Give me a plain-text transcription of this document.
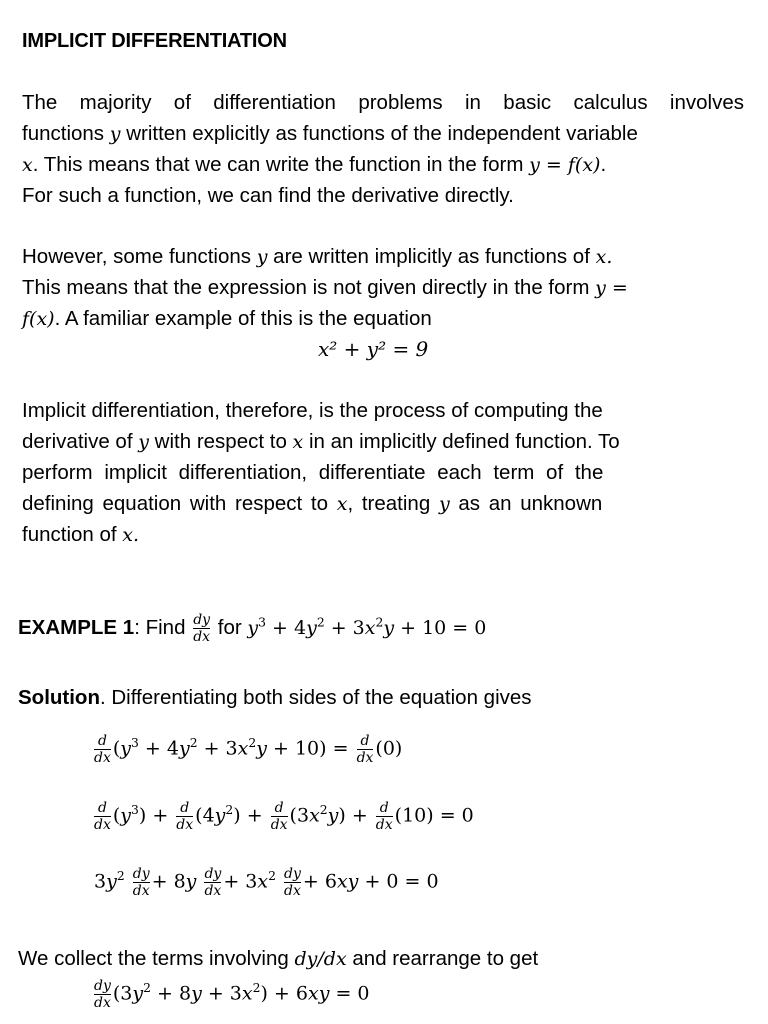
IMPLICIT DIFFERENTIATION
The majority of differentiation problems in basic calculus involves
functions y written explicitly as functions of the independent variable
x. This means that we can write the function in the form y = f(x).
For such a function, we can find the derivative directly.
However, some functions y are written implicitly as functions of x.
This means that the expression is not given directly in the form y =
f(x). A familiar example of this is the equation
x² + y² = 9
Implicit differentiation, therefore, is the process of computing the
derivative of y with respect to x in an implicitly defined function. To
perform implicit differentiation, differentiate each term of the
defining equation with respect to x, treating y as an unknown
function of x.
EXAMPLE 1: Find $\frac{dy}{dx}$ for $y^3 + 4y^2 + 3x^2y + 10 = 0$
Solution. Differentiating both sides of the equation gives
$\frac{d}{dx} (y^3 + 4y^2 + 3x^2y + 10) = \frac{d}{dx} (0)$
$\frac{d}{dx} (y^3) + \frac{d}{dx} (4y^2) + \frac{d}{dx} (3x^2y) + \frac{d}{dx} (10) = 0$
$3y^2 \frac{dy}{dx} + 8y \frac{dy}{dx} + 3x^2 \frac{dy}{dx} + 6xy + 0 = 0$
We collect the terms involving dy/dx and rearrange to get
$\frac{dy}{dx} (3y^2 + 8y + 3x^2) + 6xy = 0$
